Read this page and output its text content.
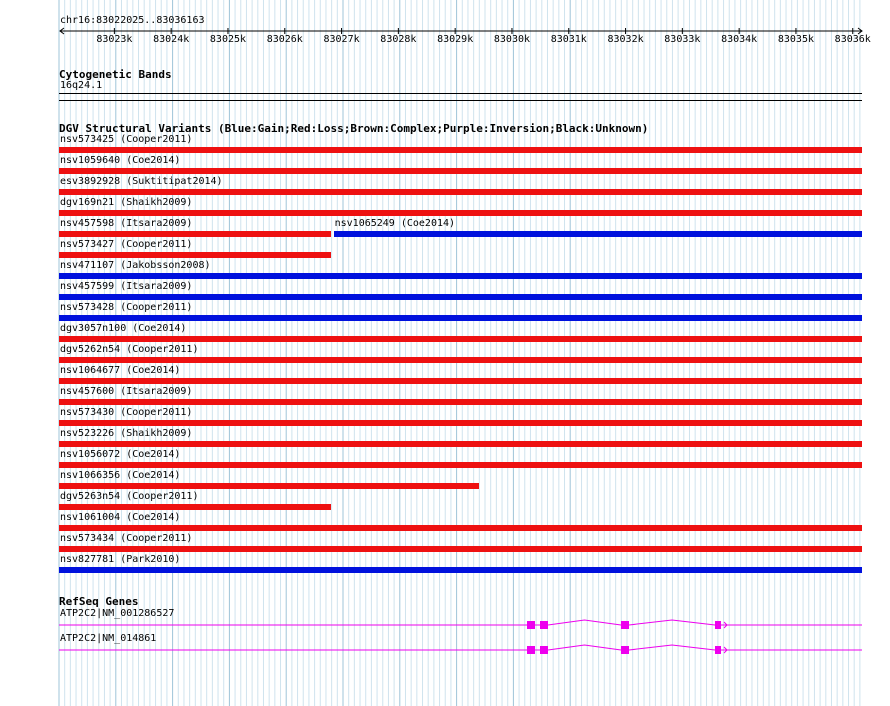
chr16:83022025..83036163
83023k 83024k 83025k 83026k 83027k 83028k 83029k 83030k 83031k 83032k 83033k 83034k 83035k 83036k
Cytogenetic Bands
16q24.1
DGV Structural Variants (Blue:Gain;Red:Loss;Brown:Complex;Purple:Inversion;Black:Unknown)
nsv573425 (Cooper2011)
nsv1059640 (Coe2014)
esv3892928 (Suktitipat2014)
dgv169n21 (Shaikh2009)
nsv457598 (Itsara2009)	nsv1065249 (Coe2014)
nsv573427 (Cooper2011)
nsv471107 (Jakobsson2008)
nsv457599 (Itsara2009)
nsv573428 (Cooper2011)
dgv3057n100 (Coe2014)
dgv5262n54 (Cooper2011)
nsv1064677 (Coe2014)
nsv457600 (Itsara2009)
nsv573430 (Cooper2011)
nsv523226 (Shaikh2009)
nsv1056072 (Coe2014)
nsv1066356 (Coe2014)
dgv5263n54 (Cooper2011)
nsv1061004 (Coe2014)
nsv573434 (Cooper2011)
nsv827781 (Park2010)
RefSeq Genes
ATP2C2|NM_001286527
ATP2C2|NM_014861
